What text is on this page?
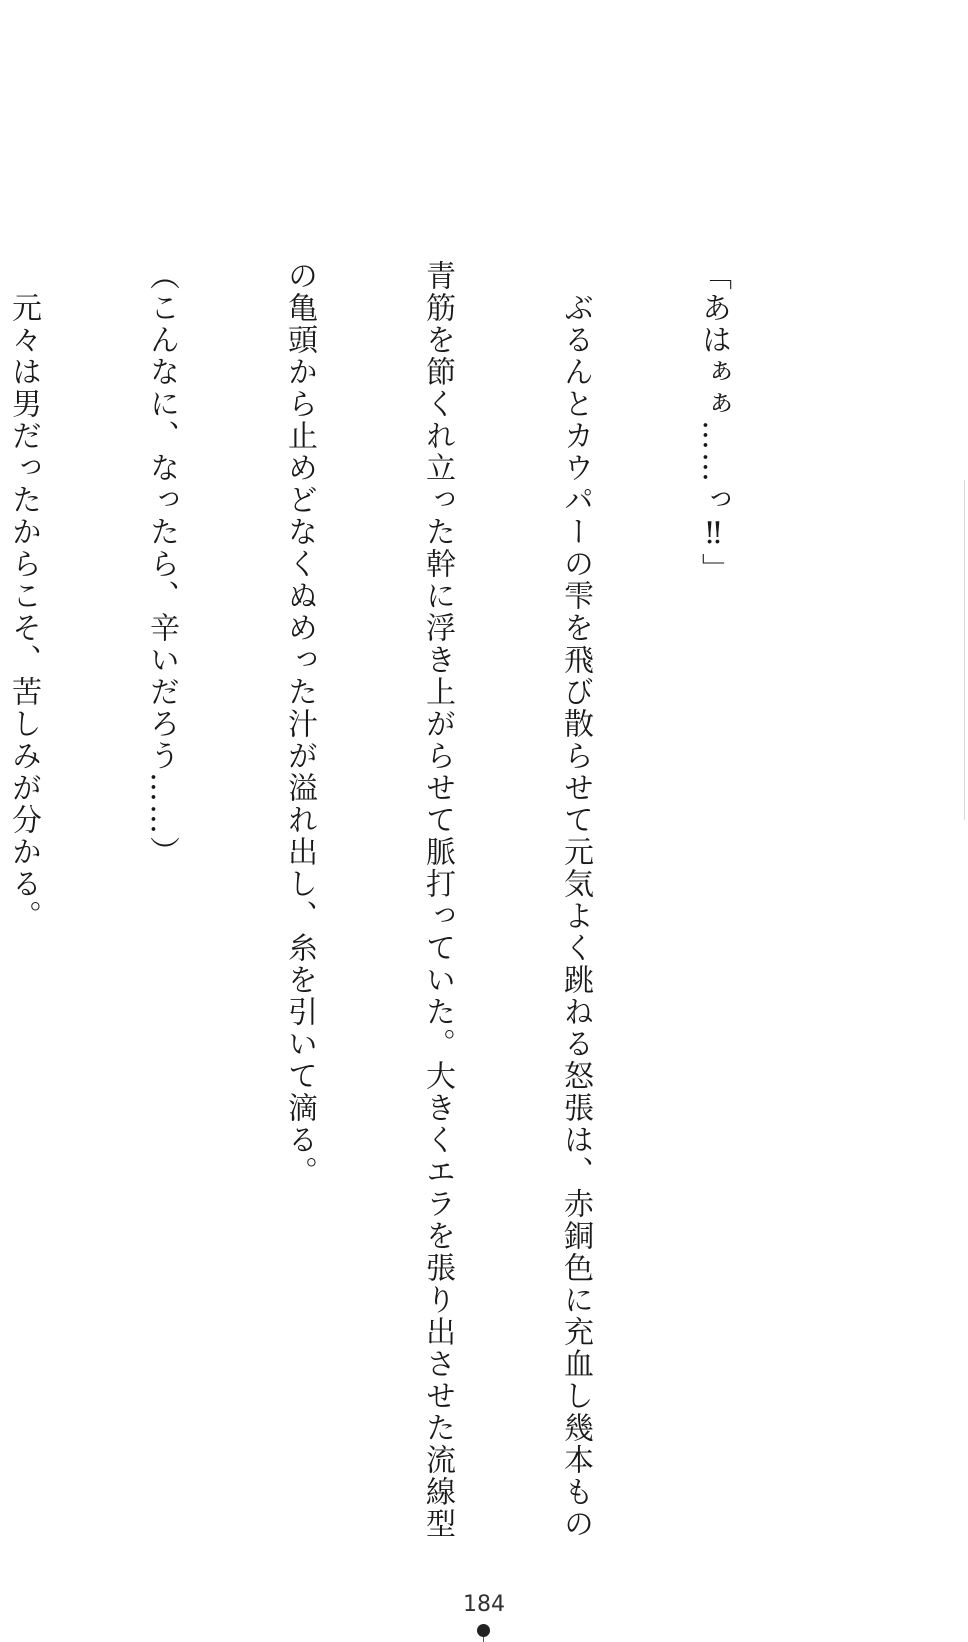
「あはぁぁ……っ‼」

　ぶるんとカウパーの雫を飛び散らせて元気よく跳ねる怒張は、赤銅色に充血し幾本もの

青筋を節くれ立った幹に浮き上がらせて脈打っていた。大きくエラを張り出させた流線型

の亀頭から止めどなくぬめった汁が溢れ出し、糸を引いて滴る。

（こんなに、なったら、辛いだろう……）

　元々は男だったからこそ、苦しみが分かる。

184
